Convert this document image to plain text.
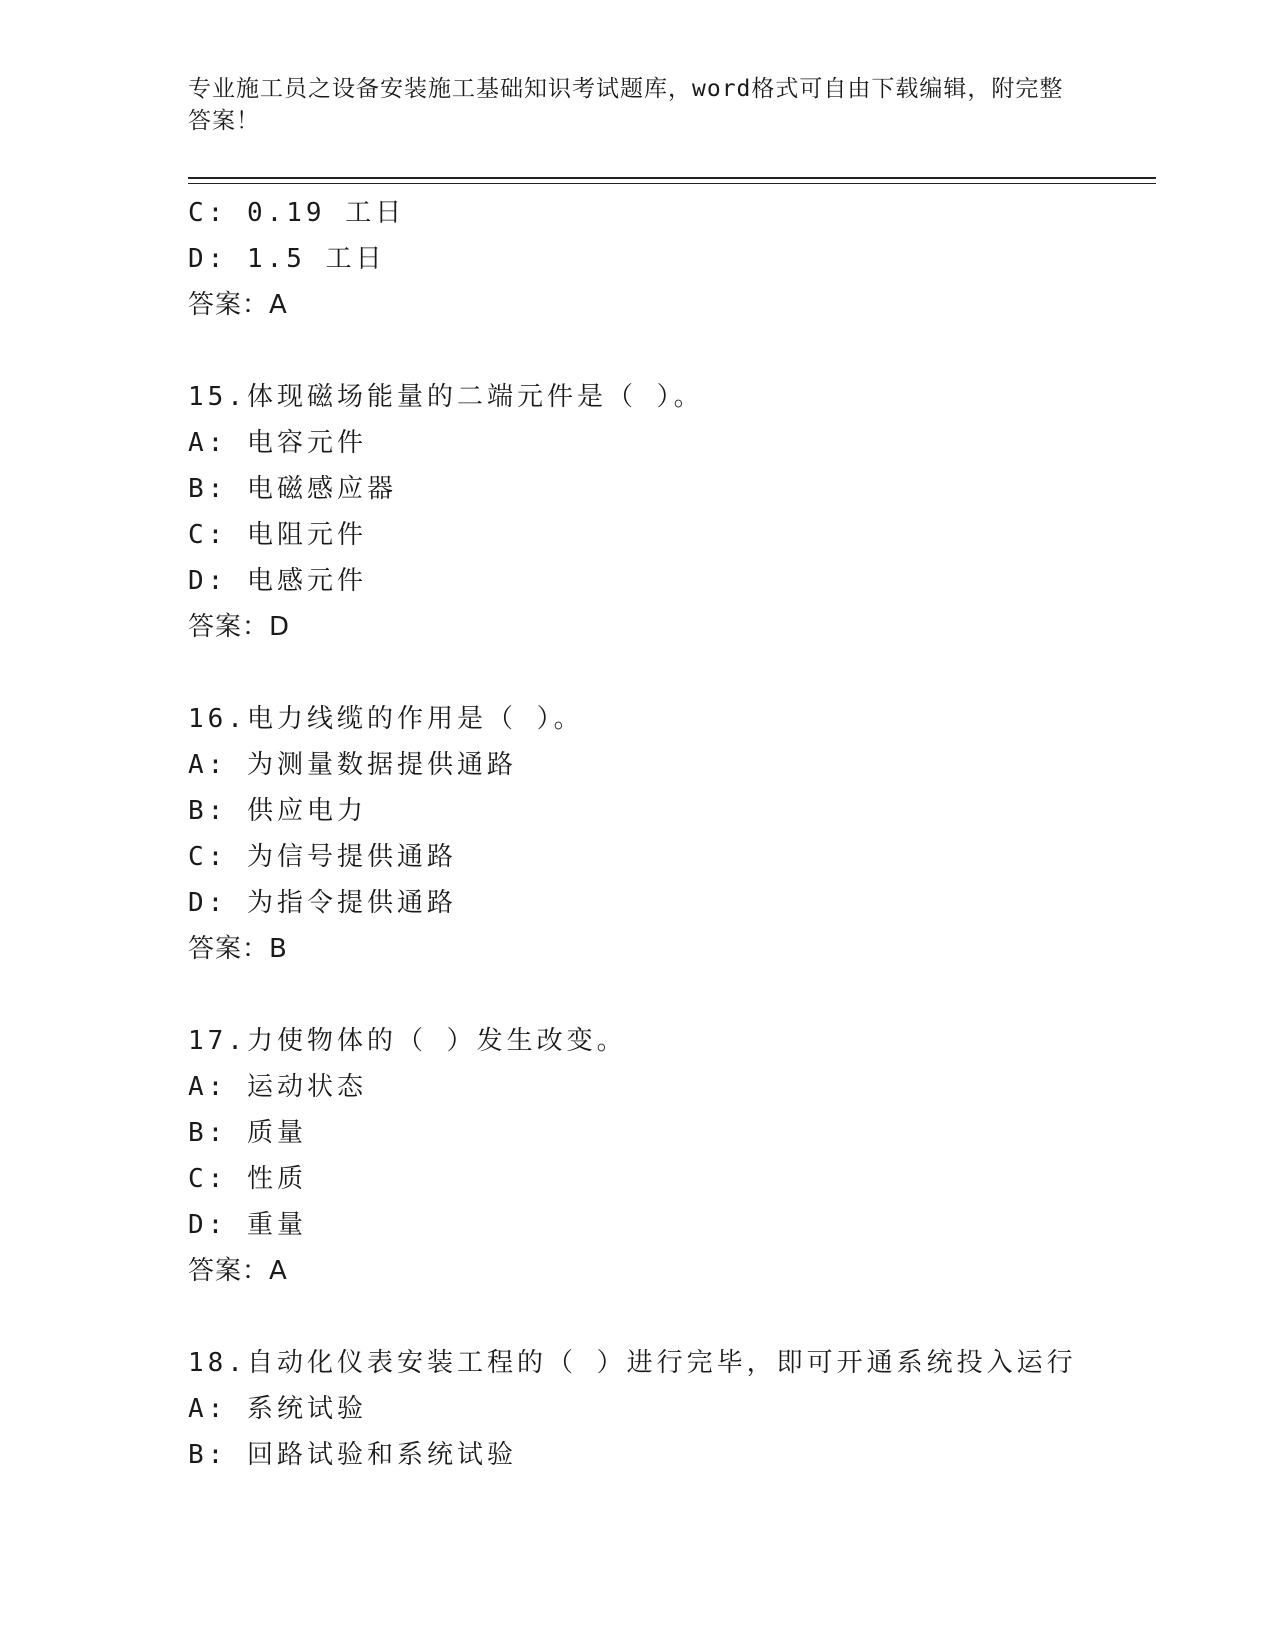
专业施工员之设备安装施工基础知识考试题库，word格式可自由下载编辑，附完整答案！
C: 0.19 工日
D: 1.5 工日
答案：A
15.体现磁场能量的二端元件是（ ）。
A: 电容元件
B: 电磁感应器
C: 电阻元件
D: 电感元件
答案：D
16.电力线缆的作用是（ ）。
A: 为测量数据提供通路
B: 供应电力
C: 为信号提供通路
D: 为指令提供通路
答案：B
17.力使物体的（ ）发生改变。
A: 运动状态
B: 质量
C: 性质
D: 重量
答案：A
18.自动化仪表安装工程的（ ）进行完毕，即可开通系统投入运行
A: 系统试验
B: 回路试验和系统试验
